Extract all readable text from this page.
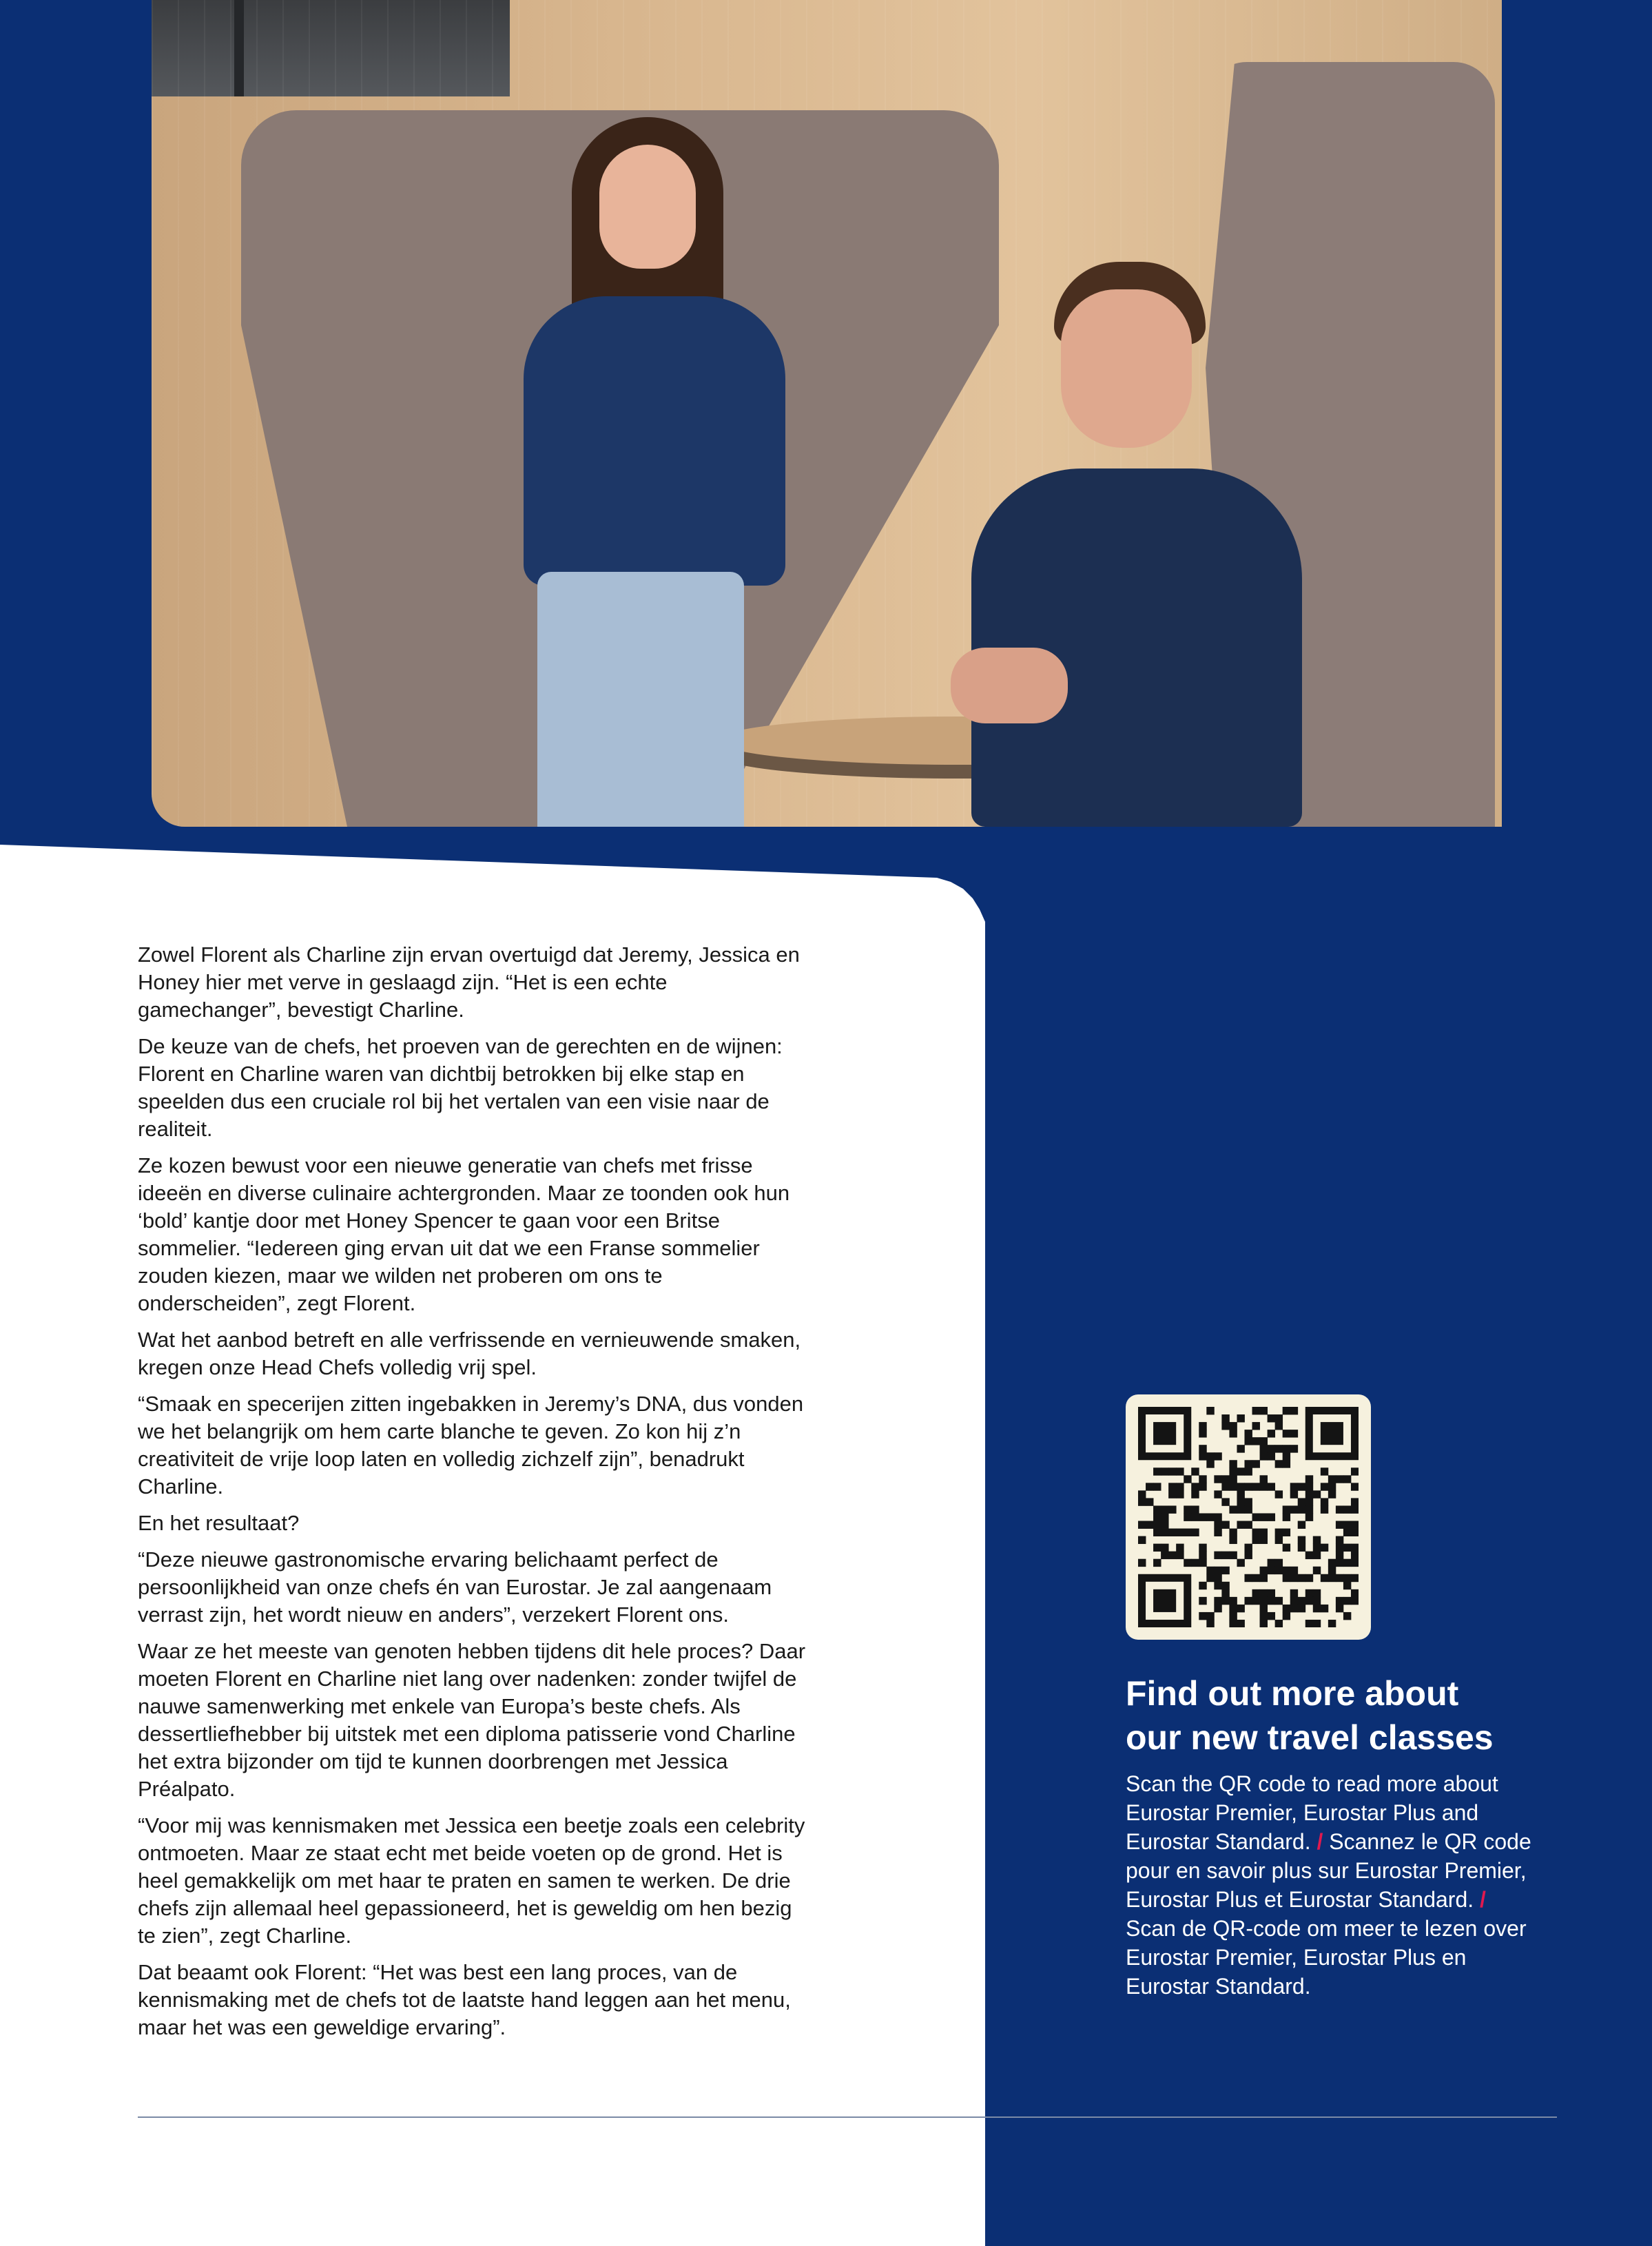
Zowel Florent als Charline zijn ervan overtuigd dat Jeremy, Jessica en Honey hier met verve in geslaagd zijn. “Het is een echte gamechanger”, bevestigt Charline.

De keuze van de chefs, het proeven van de gerechten en de wijnen: Florent en Charline waren van dichtbij betrokken bij elke stap en speelden dus een cruciale rol bij het vertalen van een visie naar de realiteit.

Ze kozen bewust voor een nieuwe generatie van chefs met frisse ideeën en diverse culinaire achtergronden. Maar ze toonden ook hun ‘bold’ kantje door met Honey Spencer te gaan voor een Britse sommelier. “Iedereen ging ervan uit dat we een Franse sommelier zouden kiezen, maar we wilden net proberen om ons te onderscheiden”, zegt Florent.

Wat het aanbod betreft en alle verfrissende en vernieuwende smaken, kregen onze Head Chefs volledig vrij spel.

“Smaak en specerijen zitten ingebakken in Jeremy’s DNA, dus vonden we het belangrijk om hem carte blanche te geven. Zo kon hij z’n creativiteit de vrije loop laten en volledig zichzelf zijn”, benadrukt Charline.

En het resultaat?

“Deze nieuwe gastronomische ervaring belichaamt perfect de persoonlijkheid van onze chefs én van Eurostar. Je zal aangenaam verrast zijn, het wordt nieuw en anders”, verzekert Florent ons.

Waar ze het meeste van genoten hebben tijdens dit hele proces? Daar moeten Florent en Charline niet lang over nadenken: zonder twijfel de nauwe samenwerking met enkele van Europa’s beste chefs. Als dessertliefhebber bij uitstek met een diploma patisserie vond Charline het extra bijzonder om tijd te kunnen doorbrengen met Jessica Préalpato.

“Voor mij was kennismaken met Jessica een beetje zoals een celebrity ontmoeten. Maar ze staat echt met beide voeten op de grond. Het is heel gemakkelijk om met haar te praten en samen te werken. De drie chefs zijn allemaal heel gepassioneerd, het is geweldig om hen bezig te zien”, zegt Charline.

Dat beaamt ook Florent: “Het was best een lang proces, van de kennismaking met de chefs tot de laatste hand leggen aan het menu, maar het was een geweldige ervaring”.

Find out more about
our new travel classes
Scan the QR code to read more about Eurostar Premier, Eurostar Plus and Eurostar Standard. / Scannez le QR code pour en savoir plus sur Eurostar Premier, Eurostar Plus et Eurostar Standard. / Scan de QR-code om meer te lezen over Eurostar Premier, Eurostar Plus en Eurostar Standard.
